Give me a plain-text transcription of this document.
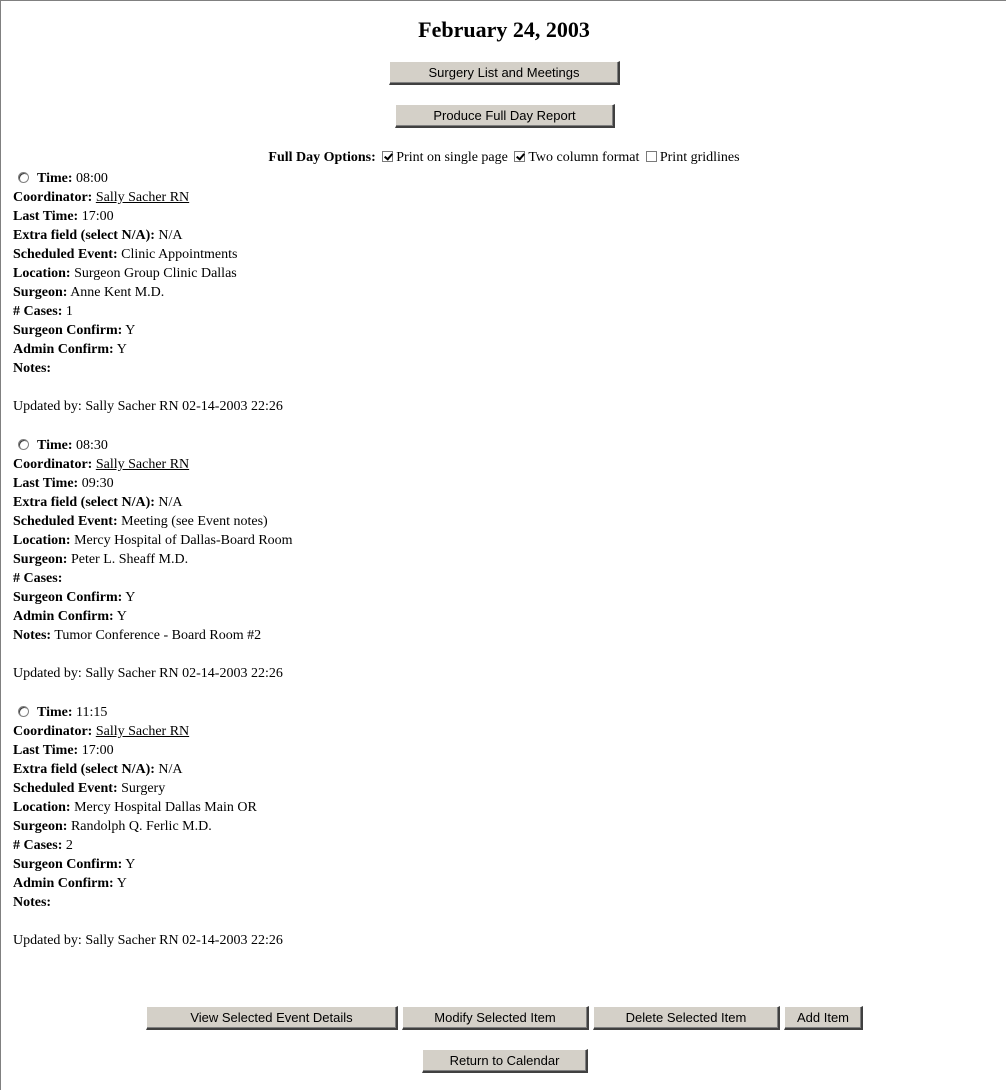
February 24, 2003
Surgery List and Meetings
Produce Full Day Report
Full Day Options: Print on single page Two column format Print gridlines
Time: 08:00
Coordinator: Sally Sacher RN
Last Time: 17:00
Extra field (select N/A): N/A
Scheduled Event: Clinic Appointments
Location: Surgeon Group Clinic Dallas
Surgeon: Anne Kent M.D.
# Cases: 1
Surgeon Confirm: Y
Admin Confirm: Y
Notes:
Updated by: Sally Sacher RN 02-14-2003 22:26
Time: 08:30
Coordinator: Sally Sacher RN
Last Time: 09:30
Extra field (select N/A): N/A
Scheduled Event: Meeting (see Event notes)
Location: Mercy Hospital of Dallas-Board Room
Surgeon: Peter L. Sheaff M.D.
# Cases:
Surgeon Confirm: Y
Admin Confirm: Y
Notes: Tumor Conference - Board Room #2
Updated by: Sally Sacher RN 02-14-2003 22:26
Time: 11:15
Coordinator: Sally Sacher RN
Last Time: 17:00
Extra field (select N/A): N/A
Scheduled Event: Surgery
Location: Mercy Hospital Dallas Main OR
Surgeon: Randolph Q. Ferlic M.D.
# Cases: 2
Surgeon Confirm: Y
Admin Confirm: Y
Notes:
Updated by: Sally Sacher RN 02-14-2003 22:26
View Selected Event Details	Modify Selected Item	Delete Selected Item	Add Item
Return to Calendar
